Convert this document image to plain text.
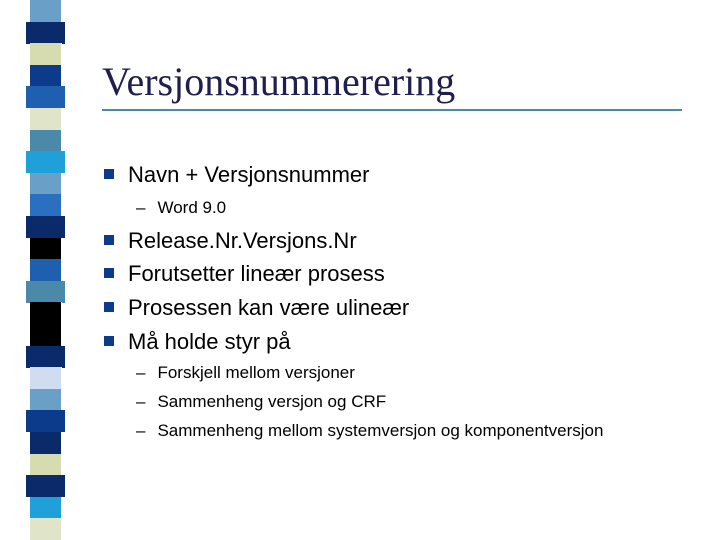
Versjonsnummerering
Navn + Versjonsnummer
– Word 9.0
Release.Nr.Versjons.Nr
Forutsetter lineær prosess
Prosessen kan være ulineær
Må holde styr på
– Forskjell mellom versjoner
– Sammenheng versjon og CRF
– Sammenheng mellom systemversjon og komponentversjon
